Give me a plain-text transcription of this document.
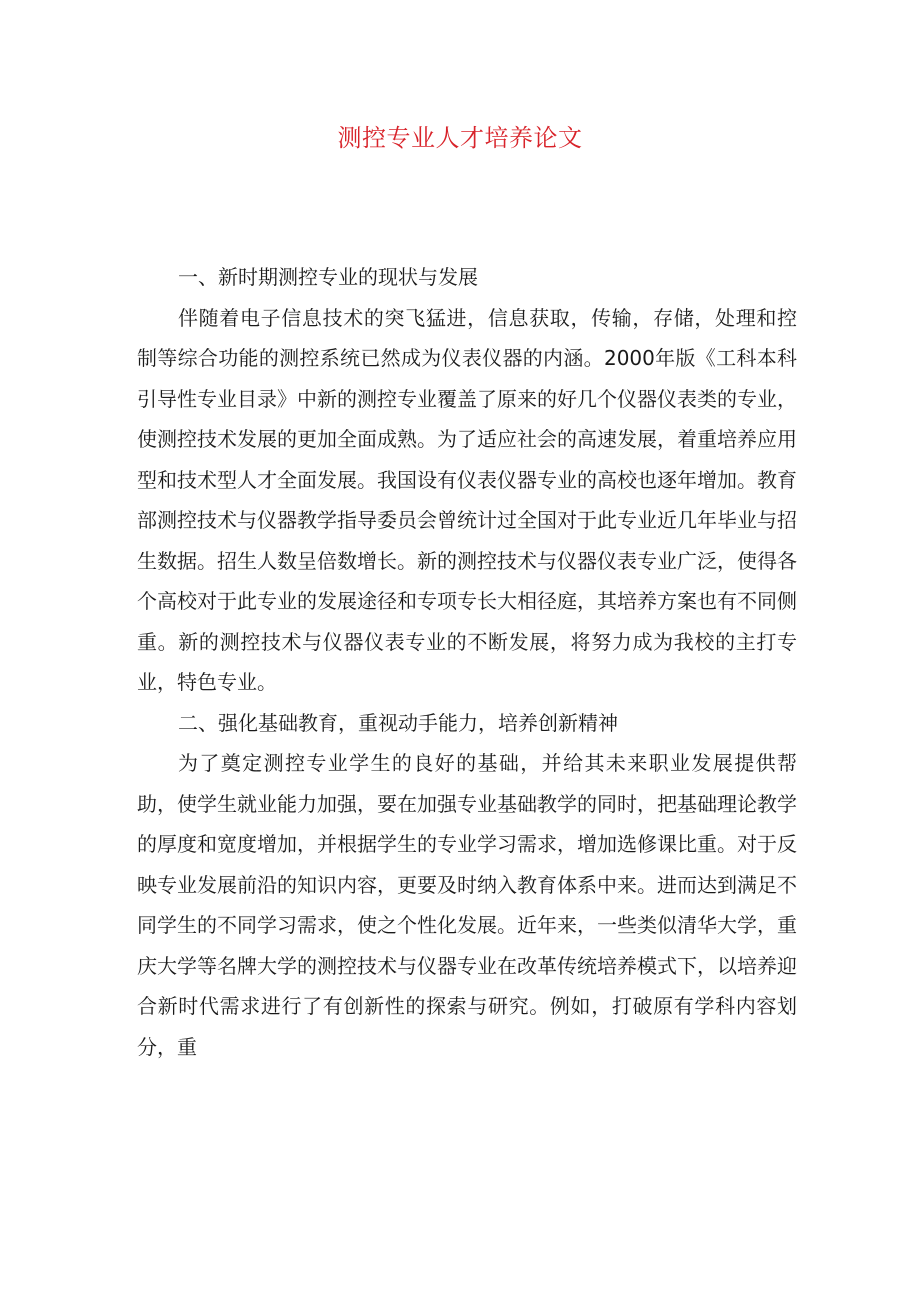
测控专业人才培养论文

一、新时期测控专业的现状与发展

伴随着电子信息技术的突飞猛进，信息获取，传输，存储，处理和控制等综合功能的测控系统已然成为仪表仪器的内涵。2000年版《工科本科引导性专业目录》中新的测控专业覆盖了原来的好几个仪器仪表类的专业，使测控技术发展的更加全面成熟。为了适应社会的高速发展，着重培养应用型和技术型人才全面发展。我国设有仪表仪器专业的高校也逐年增加。教育部测控技术与仪器教学指导委员会曾统计过全国对于此专业近几年毕业与招生数据。招生人数呈倍数增长。新的测控技术与仪器仪表专业广泛，使得各个高校对于此专业的发展途径和专项专长大相径庭，其培养方案也有不同侧重。新的测控技术与仪器仪表专业的不断发展，将努力成为我校的主打专业，特色专业。

二、强化基础教育，重视动手能力，培养创新精神

为了奠定测控专业学生的良好的基础，并给其未来职业发展提供帮助，使学生就业能力加强，要在加强专业基础教学的同时，把基础理论教学的厚度和宽度增加，并根据学生的专业学习需求，增加选修课比重。对于反映专业发展前沿的知识内容，更要及时纳入教育体系中来。进而达到满足不同学生的不同学习需求，使之个性化发展。近年来，一些类似清华大学，重庆大学等名牌大学的测控技术与仪器专业在改革传统培养模式下，以培养迎合新时代需求进行了有创新性的探索与研究。例如，打破原有学科内容划分，重
